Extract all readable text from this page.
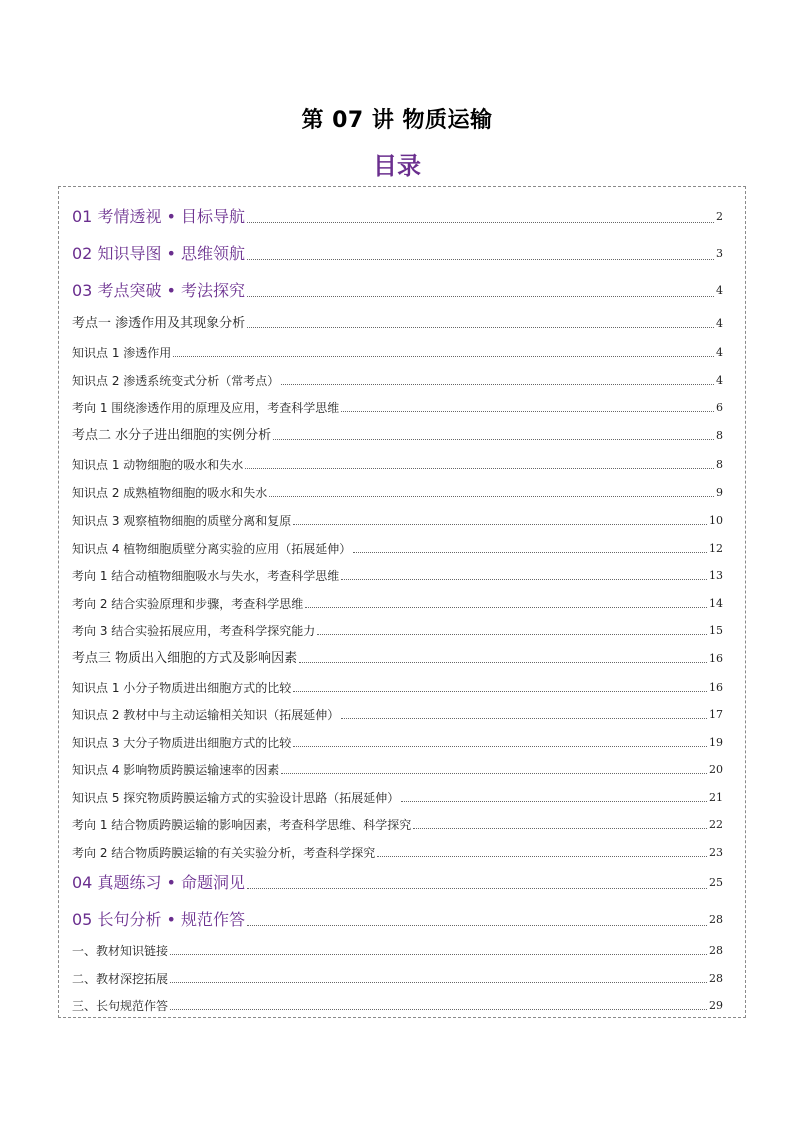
第 07 讲 物质运输
目录
01 考情透视 • 目标导航	2
02 知识导图 • 思维领航	3
03 考点突破 • 考法探究	4
考点一 渗透作用及其现象分析	4
知识点 1 渗透作用	4
知识点 2 渗透系统变式分析（常考点）	4
考向 1 围绕渗透作用的原理及应用，考查科学思维	6
考点二 水分子进出细胞的实例分析	8
知识点 1 动物细胞的吸水和失水	8
知识点 2 成熟植物细胞的吸水和失水	9
知识点 3 观察植物细胞的质壁分离和复原	10
知识点 4 植物细胞质壁分离实验的应用（拓展延伸）	12
考向 1 结合动植物细胞吸水与失水，考查科学思维	13
考向 2 结合实验原理和步骤，考查科学思维	14
考向 3 结合实验拓展应用，考查科学探究能力	15
考点三 物质出入细胞的方式及影响因素	16
知识点 1 小分子物质进出细胞方式的比较	16
知识点 2 教材中与主动运输相关知识（拓展延伸）	17
知识点 3 大分子物质进出细胞方式的比较	19
知识点 4 影响物质跨膜运输速率的因素	20
知识点 5 探究物质跨膜运输方式的实验设计思路（拓展延伸）	21
考向 1 结合物质跨膜运输的影响因素，考查科学思维、科学探究	22
考向 2 结合物质跨膜运输的有关实验分析，考查科学探究	23
04 真题练习 • 命题洞见	25
05 长句分析 • 规范作答	28
一、教材知识链接	28
二、教材深挖拓展	28
三、长句规范作答	29
